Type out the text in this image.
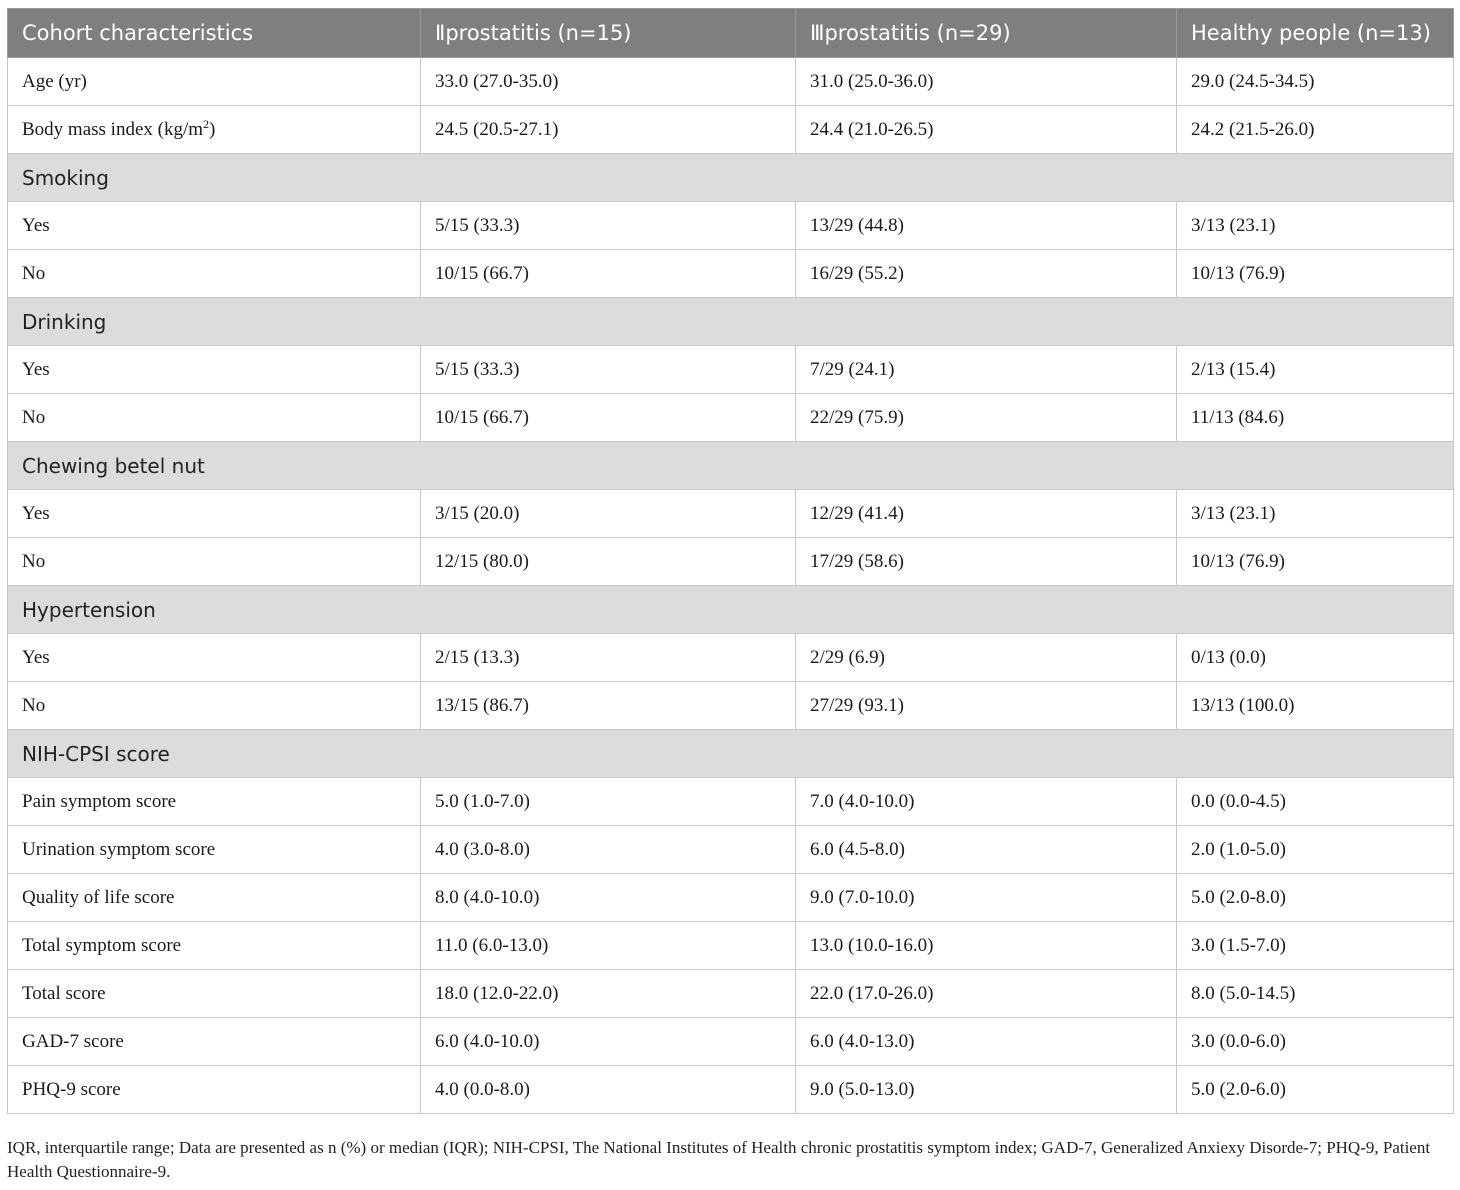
Cohort characteristics	Ⅱprostatitis (n=15)	Ⅲprostatitis (n=29)	Healthy people (n=13)
Age (yr)	33.0 (27.0-35.0)	31.0 (25.0-36.0)	29.0 (24.5-34.5)
Body mass index $(kg/m^2)$	24.5 (20.5-27.1)	24.4 (21.0-26.5)	24.2 (21.5-26.0)
Smoking			
Yes	5/15 (33.3)	13/29 (44.8)	3/13 (23.1)
No	10/15 (66.7)	16/29 (55.2)	10/13 (76.9)
Drinking			
Yes	5/15 (33.3)	7/29 (24.1)	2/13 (15.4)
No	10/15 (66.7)	22/29 (75.9)	11/13 (84.6)
Chewing betel nut			
Yes	3/15 (20.0)	12/29 (41.4)	3/13 (23.1)
No	12/15 (80.0)	17/29 (58.6)	10/13 (76.9)
Hypertension			
Yes	2/15 (13.3)	2/29 (6.9)	0/13 (0.0)
No	13/15 (86.7)	27/29 (93.1)	13/13 (100.0)
NIH-CPSI score			
Pain symptom score	5.0 (1.0-7.0)	7.0 (4.0-10.0)	0.0 (0.0-4.5)
Urination symptom score	4.0 (3.0-8.0)	6.0 (4.5-8.0)	2.0 (1.0-5.0)
Quality of life score	8.0 (4.0-10.0)	9.0 (7.0-10.0)	5.0 (2.0-8.0)
Total symptom score	11.0 (6.0-13.0)	13.0 (10.0-16.0)	3.0 (1.5-7.0)
Total score	18.0 (12.0-22.0)	22.0 (17.0-26.0)	8.0 (5.0-14.5)
GAD-7 score	6.0 (4.0-10.0)	6.0 (4.0-13.0)	3.0 (0.0-6.0)
PHQ-9 score	4.0 (0.0-8.0)	9.0 (5.0-13.0)	5.0 (2.0-6.0)
IQR, interquartile range; Data are presented as n (%) or median (IQR); NIH-CPSI, The National Institutes of Health chronic prostatitis symptom index; GAD-7, Generalized Anxiexy Disorde-7; PHQ-9, Patient Health Questionnaire-9.
